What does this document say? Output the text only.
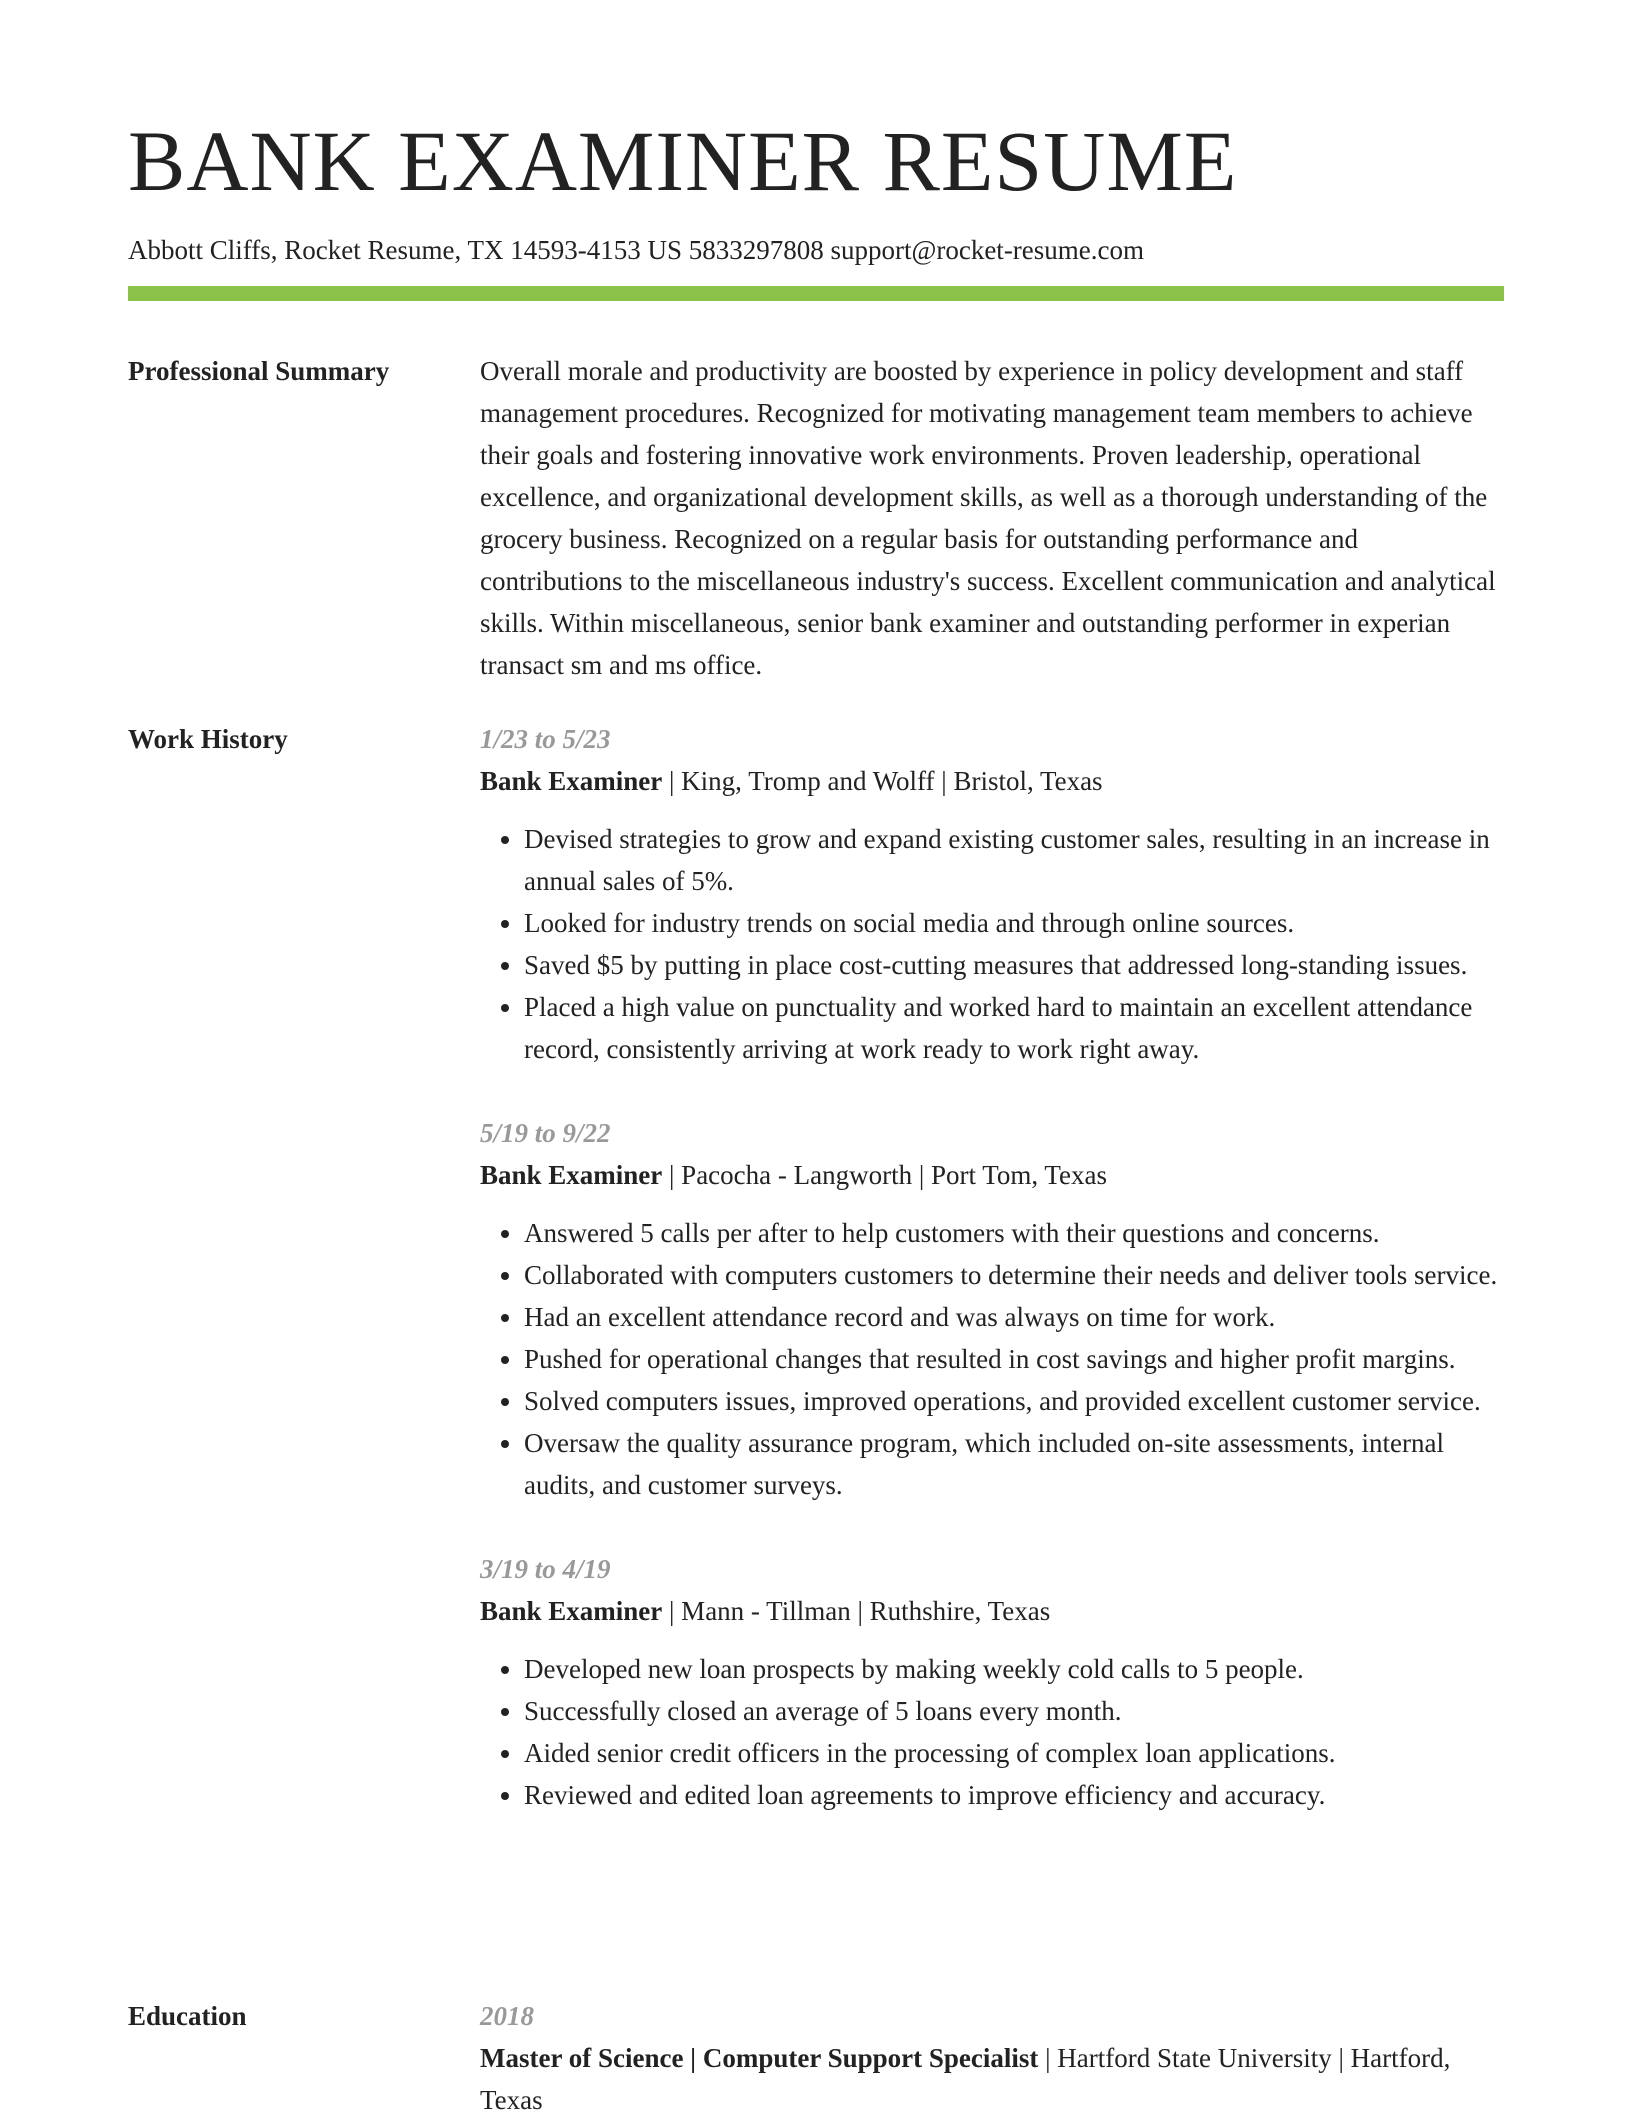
BANK EXAMINER RESUME
Abbott Cliffs, Rocket Resume, TX 14593-4153 US 5833297808 support@rocket-resume.com
Professional Summary	Overall morale and productivity are boosted by experience in policy development and staff management procedures. Recognized for motivating management team members to achieve their goals and fostering innovative work environments. Proven leadership, operational excellence, and organizational development skills, as well as a thorough understanding of the grocery business. Recognized on a regular basis for outstanding performance and contributions to the miscellaneous industry's success. Excellent communication and analytical skills. Within miscellaneous, senior bank examiner and outstanding performer in experian transact sm and ms office.

Work History	1/23 to 5/23
Bank Examiner | King, Tromp and Wolff | Bristol, Texas
• Devised strategies to grow and expand existing customer sales, resulting in an increase in annual sales of 5%.
• Looked for industry trends on social media and through online sources.
• Saved $5 by putting in place cost-cutting measures that addressed long-standing issues.
• Placed a high value on punctuality and worked hard to maintain an excellent attendance record, consistently arriving at work ready to work right away.
5/19 to 9/22
Bank Examiner | Pacocha - Langworth | Port Tom, Texas
• Answered 5 calls per after to help customers with their questions and concerns.
• Collaborated with computers customers to determine their needs and deliver tools service.
• Had an excellent attendance record and was always on time for work.
• Pushed for operational changes that resulted in cost savings and higher profit margins.
• Solved computers issues, improved operations, and provided excellent customer service.
• Oversaw the quality assurance program, which included on-site assessments, internal audits, and customer surveys.
3/19 to 4/19
Bank Examiner | Mann - Tillman | Ruthshire, Texas
• Developed new loan prospects by making weekly cold calls to 5 people.
• Successfully closed an average of 5 loans every month.
• Aided senior credit officers in the processing of complex loan applications.
• Reviewed and edited loan agreements to improve efficiency and accuracy.
Education	2018
Master of Science | Computer Support Specialist | Hartford State University | Hartford, Texas
